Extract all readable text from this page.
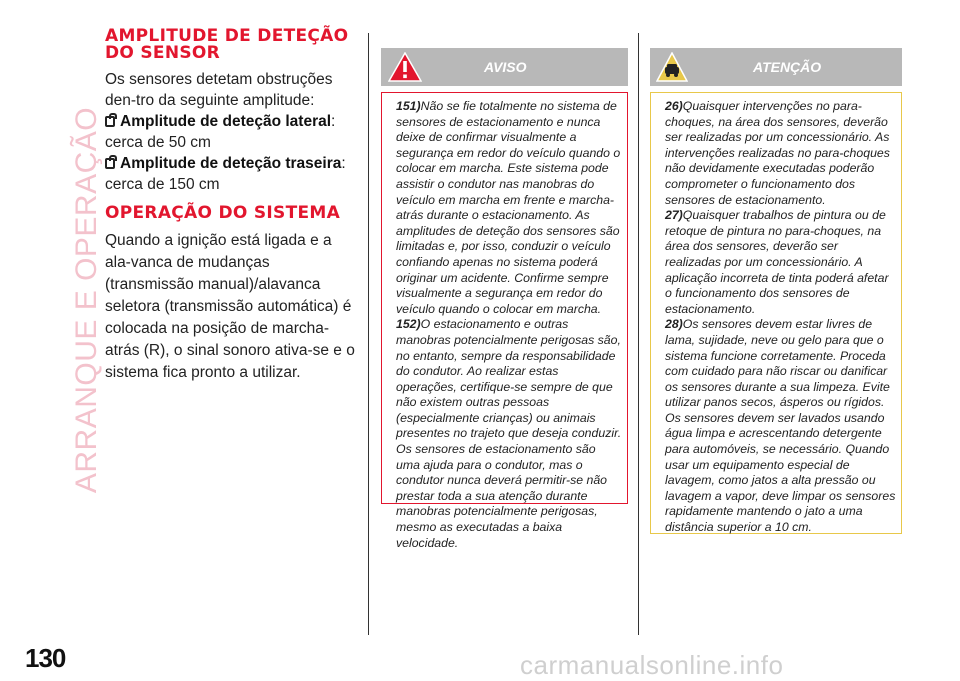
ARRANQUE E OPERAÇÃO
130
AMPLITUDE DE DETEÇÃO
DO SENSOR

Os sensores detetam obstruções den-tro da seguinte amplitude:

Amplitude de deteção lateral :

cerca de 50 cm

Amplitude de deteção traseira :

cerca de 150 cm

OPERAÇÃO DO SISTEMA

Quando a ignição está ligada e a ala-vanca de mudanças (transmissão manual)/alavanca seletora (transmissão automática) é colocada na posição de marcha-atrás (R), o sinal sonoro ativa-se e o sistema fica pronto a utilizar.

AVISO

151)Não se fie totalmente no sistema de sensores de estacionamento e nunca deixe de confirmar visualmente a segurança em redor do veículo quando o colocar em marcha. Este sistema pode assistir o condutor nas manobras do veículo em marcha em frente e marcha-atrás durante o estacionamento. As amplitudes de deteção dos sensores são limitadas e, por isso, conduzir o veículo confiando apenas no sistema poderá originar um acidente. Confirme sempre visualmente a segurança em redor do veículo quando o colocar em marcha.

152)O estacionamento e outras manobras potencialmente perigosas são, no entanto, sempre da responsabilidade do condutor. Ao realizar estas operações, certifique-se sempre de que não existem outras pessoas (especialmente crianças) ou animais presentes no trajeto que deseja conduzir. Os sensores de estacionamento são uma ajuda para o condutor, mas o condutor nunca deverá permitir-se não prestar toda a sua atenção durante manobras potencialmente perigosas, mesmo as executadas a baixa velocidade.

ATENÇÃO

26)Quaisquer intervenções no para-choques, na área dos sensores, deverão ser realizadas por um concessionário. As intervenções realizadas no para-choques não devidamente executadas poderão comprometer o funcionamento dos sensores de estacionamento.

27)Quaisquer trabalhos de pintura ou de retoque de pintura no para-choques, na área dos sensores, deverão ser realizadas por um concessionário. A aplicação incorreta de tinta poderá afetar o funcionamento dos sensores de estacionamento.

28)Os sensores devem estar livres de lama, sujidade, neve ou gelo para que o sistema funcione corretamente. Proceda com cuidado para não riscar ou danificar os sensores durante a sua limpeza. Evite utilizar panos secos, ásperos ou rígidos. Os sensores devem ser lavados usando água limpa e acrescentando detergente para automóveis, se necessário. Quando usar um equipamento especial de lavagem, como jatos a alta pressão ou lavagem a vapor, deve limpar os sensores rapidamente mantendo o jato a uma distância superior a 10 cm.

carmanualsonline.info
